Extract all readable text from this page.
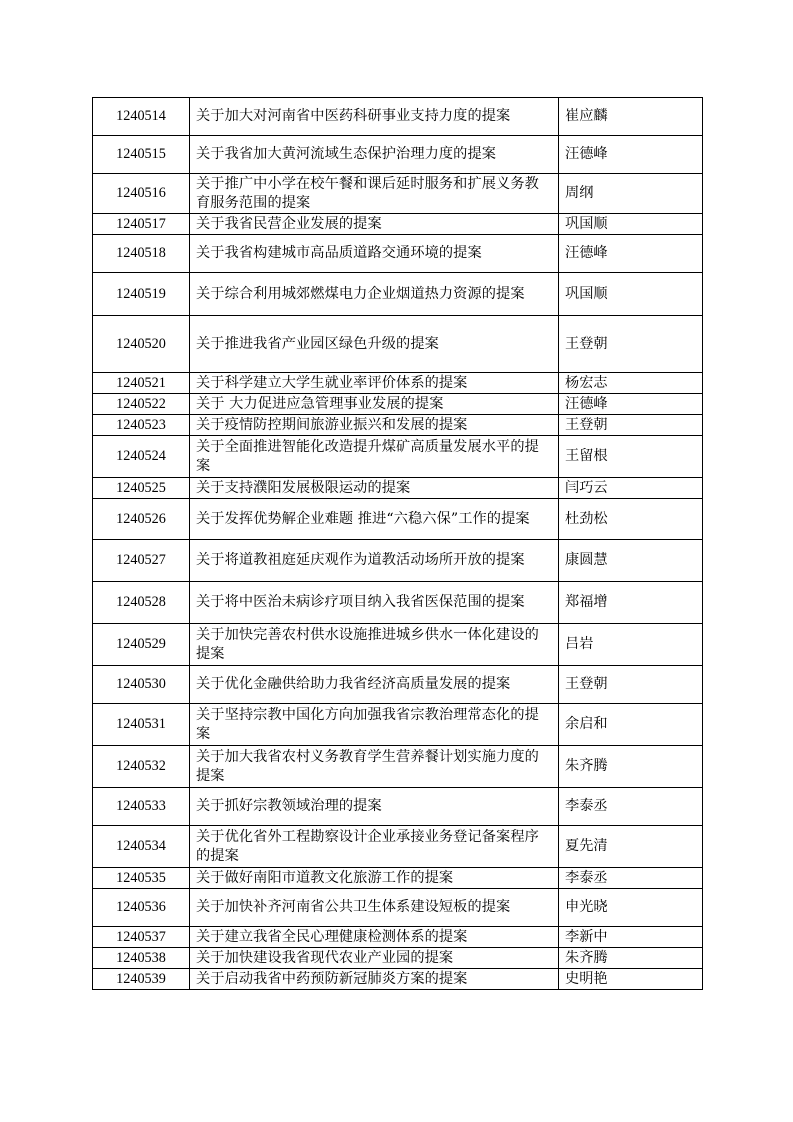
1240514	关于加大对河南省中医药科研事业支持力度的提案	崔应麟
1240515	关于我省加大黄河流域生态保护治理力度的提案	汪德峰
1240516	关于推广中小学在校午餐和课后延时服务和扩展义务教育服务范围的提案	周纲
1240517	关于我省民营企业发展的提案	巩国顺
1240518	关于我省构建城市高品质道路交通环境的提案	汪德峰
1240519	关于综合利用城郊燃煤电力企业烟道热力资源的提案	巩国顺
1240520	关于推进我省产业园区绿色升级的提案	王登朝
1240521	关于科学建立大学生就业率评价体系的提案	杨宏志
1240522	关于 大力促进应急管理事业发展的提案	汪德峰
1240523	关于疫情防控期间旅游业振兴和发展的提案	王登朝
1240524	关于全面推进智能化改造提升煤矿高质量发展水平的提案	王留根
1240525	关于支持濮阳发展极限运动的提案	闫巧云
1240526	关于发挥优势解企业难题 推进“六稳六保”工作的提案	杜劲松
1240527	关于将道教祖庭延庆观作为道教活动场所开放的提案	康圆慧
1240528	关于将中医治未病诊疗项目纳入我省医保范围的提案	郑福增
1240529	关于加快完善农村供水设施推进城乡供水一体化建设的提案	吕岩
1240530	关于优化金融供给助力我省经济高质量发展的提案	王登朝
1240531	关于坚持宗教中国化方向加强我省宗教治理常态化的提案	余启和
1240532	关于加大我省农村义务教育学生营养餐计划实施力度的提案	朱齐腾
1240533	关于抓好宗教领域治理的提案	李泰丞
1240534	关于优化省外工程勘察设计企业承接业务登记备案程序的提案	夏先清
1240535	关于做好南阳市道教文化旅游工作的提案	李泰丞
1240536	关于加快补齐河南省公共卫生体系建设短板的提案	申光晓
1240537	关于建立我省全民心理健康检测体系的提案	李新中
1240538	关于加快建设我省现代农业产业园的提案	朱齐腾
1240539	关于启动我省中药预防新冠肺炎方案的提案	史明艳
